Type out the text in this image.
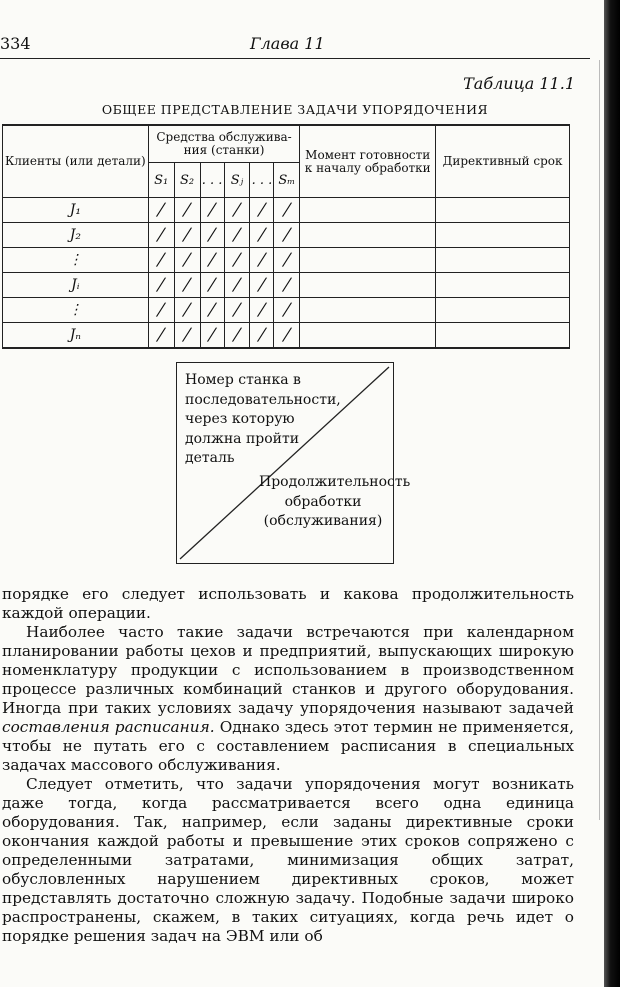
334	Глава 11
Таблица 11.1
ОБЩЕЕ ПРЕДСТАВЛЕНИЕ ЗАДАЧИ УПОРЯДОЧЕНИЯ
Клиенты (или детали)	Средства обслужива- ния (станки)						Момент готовности к началу обработки	Директивный срок
	S₁	S₂	. . .	Sⱼ	. . .	Sₘ		
J₁	/	/	/	/	/	/		
J₂	/	/	/	/	/	/		
⋮	/	/	/	/	/	/		
Jᵢ	/	/	/	/	/	/		
⋮	/	/	/	/	/	/		
Jₙ	/	/	/	/	/	/		
Номер станка в последовательности, через которую должна пройти деталь
Продолжительность обработки (обслуживания)

порядке его следует использовать и какова продолжительность каждой операции.

Наиболее часто такие задачи встречаются при календарном планировании работы цехов и предприятий, выпускающих широкую номенклатуру продукции с использованием в производственном процессе различных комбинаций станков и другого оборудования. Иногда при таких условиях задачу упорядочения называют задачей составления расписания. Однако здесь этот термин не применяется, чтобы не путать его с составлением расписания в специальных задачах массового обслуживания.

Следует отметить, что задачи упорядочения могут возникать даже тогда, когда рассматривается всего одна единица оборудования. Так, например, если заданы директивные сроки окончания каждой работы и превышение этих сроков сопряжено с определенными затратами, минимизация общих затрат, обусловленных нарушением директивных сроков, может представлять достаточно сложную задачу. Подобные задачи широко распространены, скажем, в таких ситуациях, когда речь идет о порядке решения задач на ЭВМ или об
